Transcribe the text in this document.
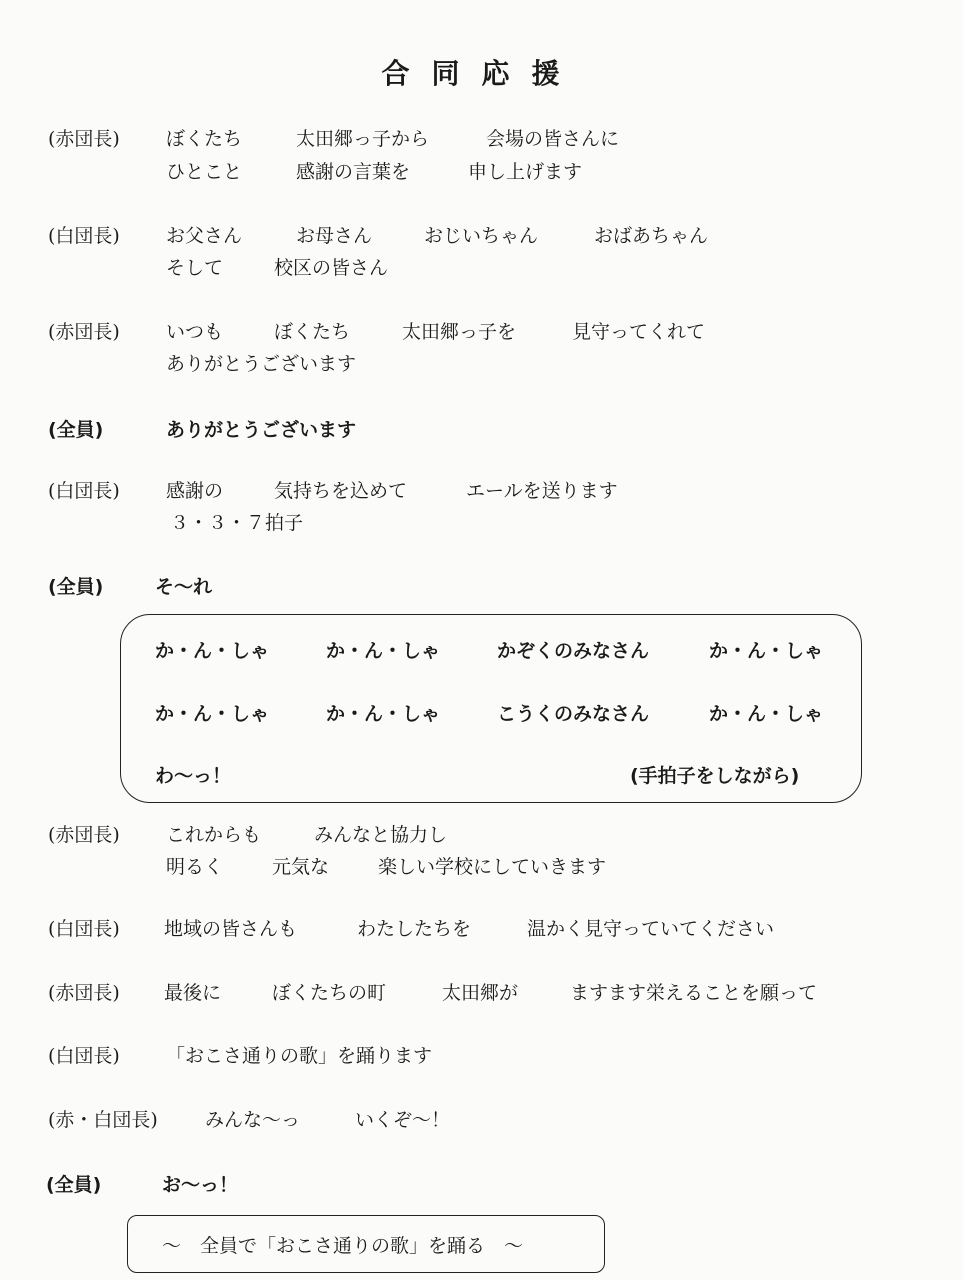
合同応援
(赤団長) ぼくたち	太田郷っ子から	会場の皆さんに
ひとこと	感謝の言葉を	申し上げます
(白団長) お父さん	お母さん	おじいちゃん	おばあちゃん
そして	校区の皆さん
(赤団長) いつも	ぼくたち	太田郷っ子を	見守ってくれて
ありがとうございます
(全員)	ありがとうございます
(白団長) 感謝の	気持ちを込めて	エールを送ります
３・３・７拍子
(全員)	そ〜れ
か・ん・しゃ	か・ん・しゃ	かぞくのみなさん	か・ん・しゃ
か・ん・しゃ	か・ん・しゃ	こうくのみなさん	か・ん・しゃ
わ〜っ！	(手拍子をしながら)
(赤団長) これからも	みんなと協力し
明るく	元気な	楽しい学校にしていきます
(白団長) 地域の皆さんも	わたしたちを	温かく見守っていてください
(赤団長) 最後に	ぼくたちの町	太田郷が	ますます栄えることを願って
(白団長) 「おこさ通りの歌」を踊ります
(赤・白団長) みんな〜っ	いくぞ〜！
(全員)	お〜っ！
〜　全員で「おこさ通りの歌」を踊る　〜
